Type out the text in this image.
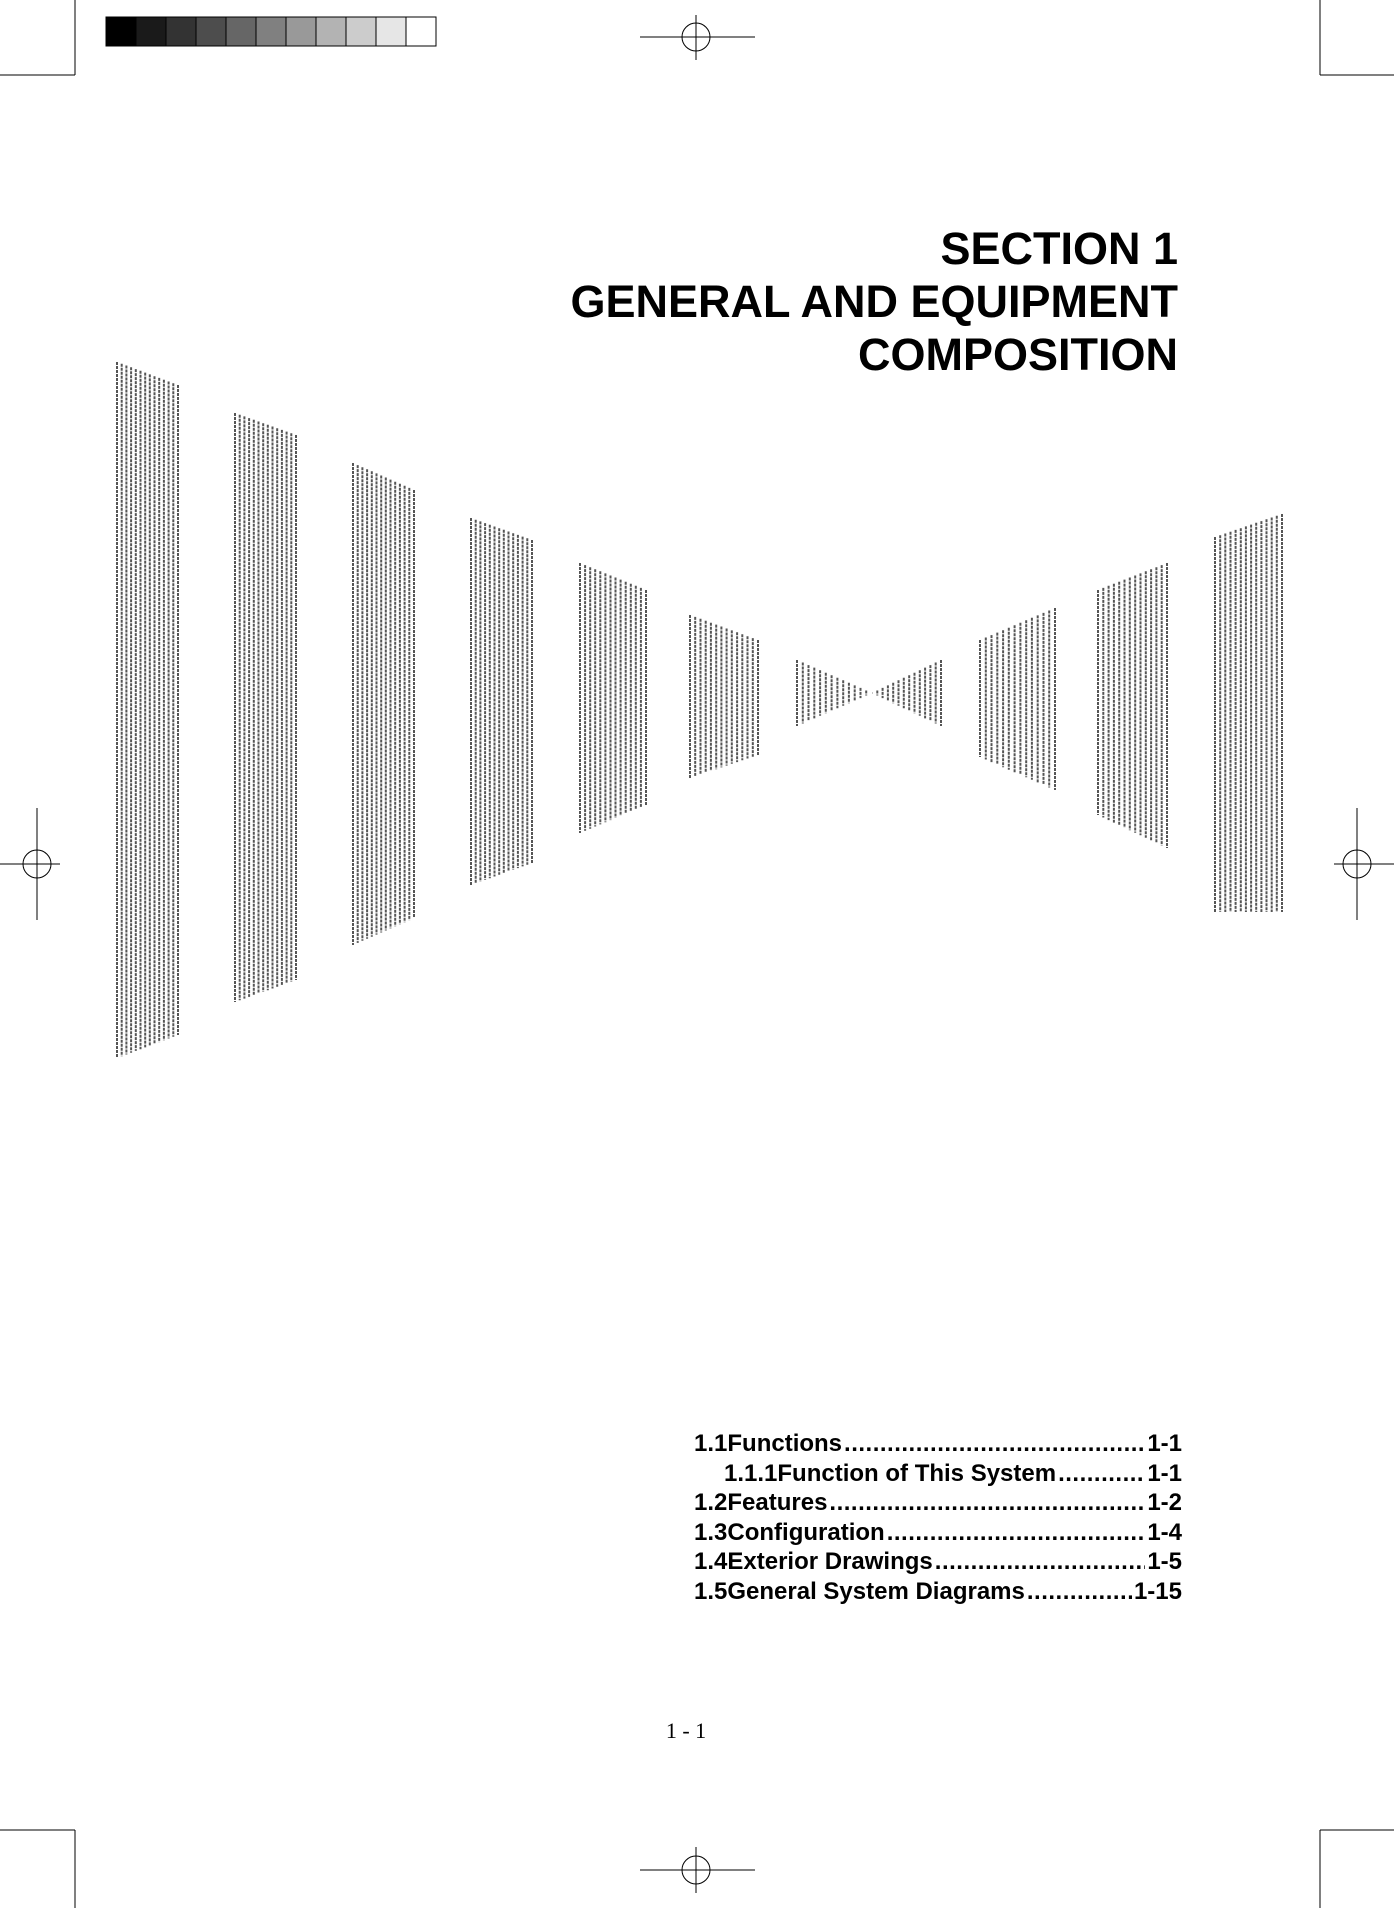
SECTION 1
GENERAL AND EQUIPMENT
COMPOSITION
1.1 Functions .....	1-1
1.1.1 Function of This System .....	1-1
1.2 Features .....	1-2
1.3 Configuration .....	1-4
1.4 Exterior Drawings .....	1-5
1.5 General System Diagrams .....	1-15
1 - 1
